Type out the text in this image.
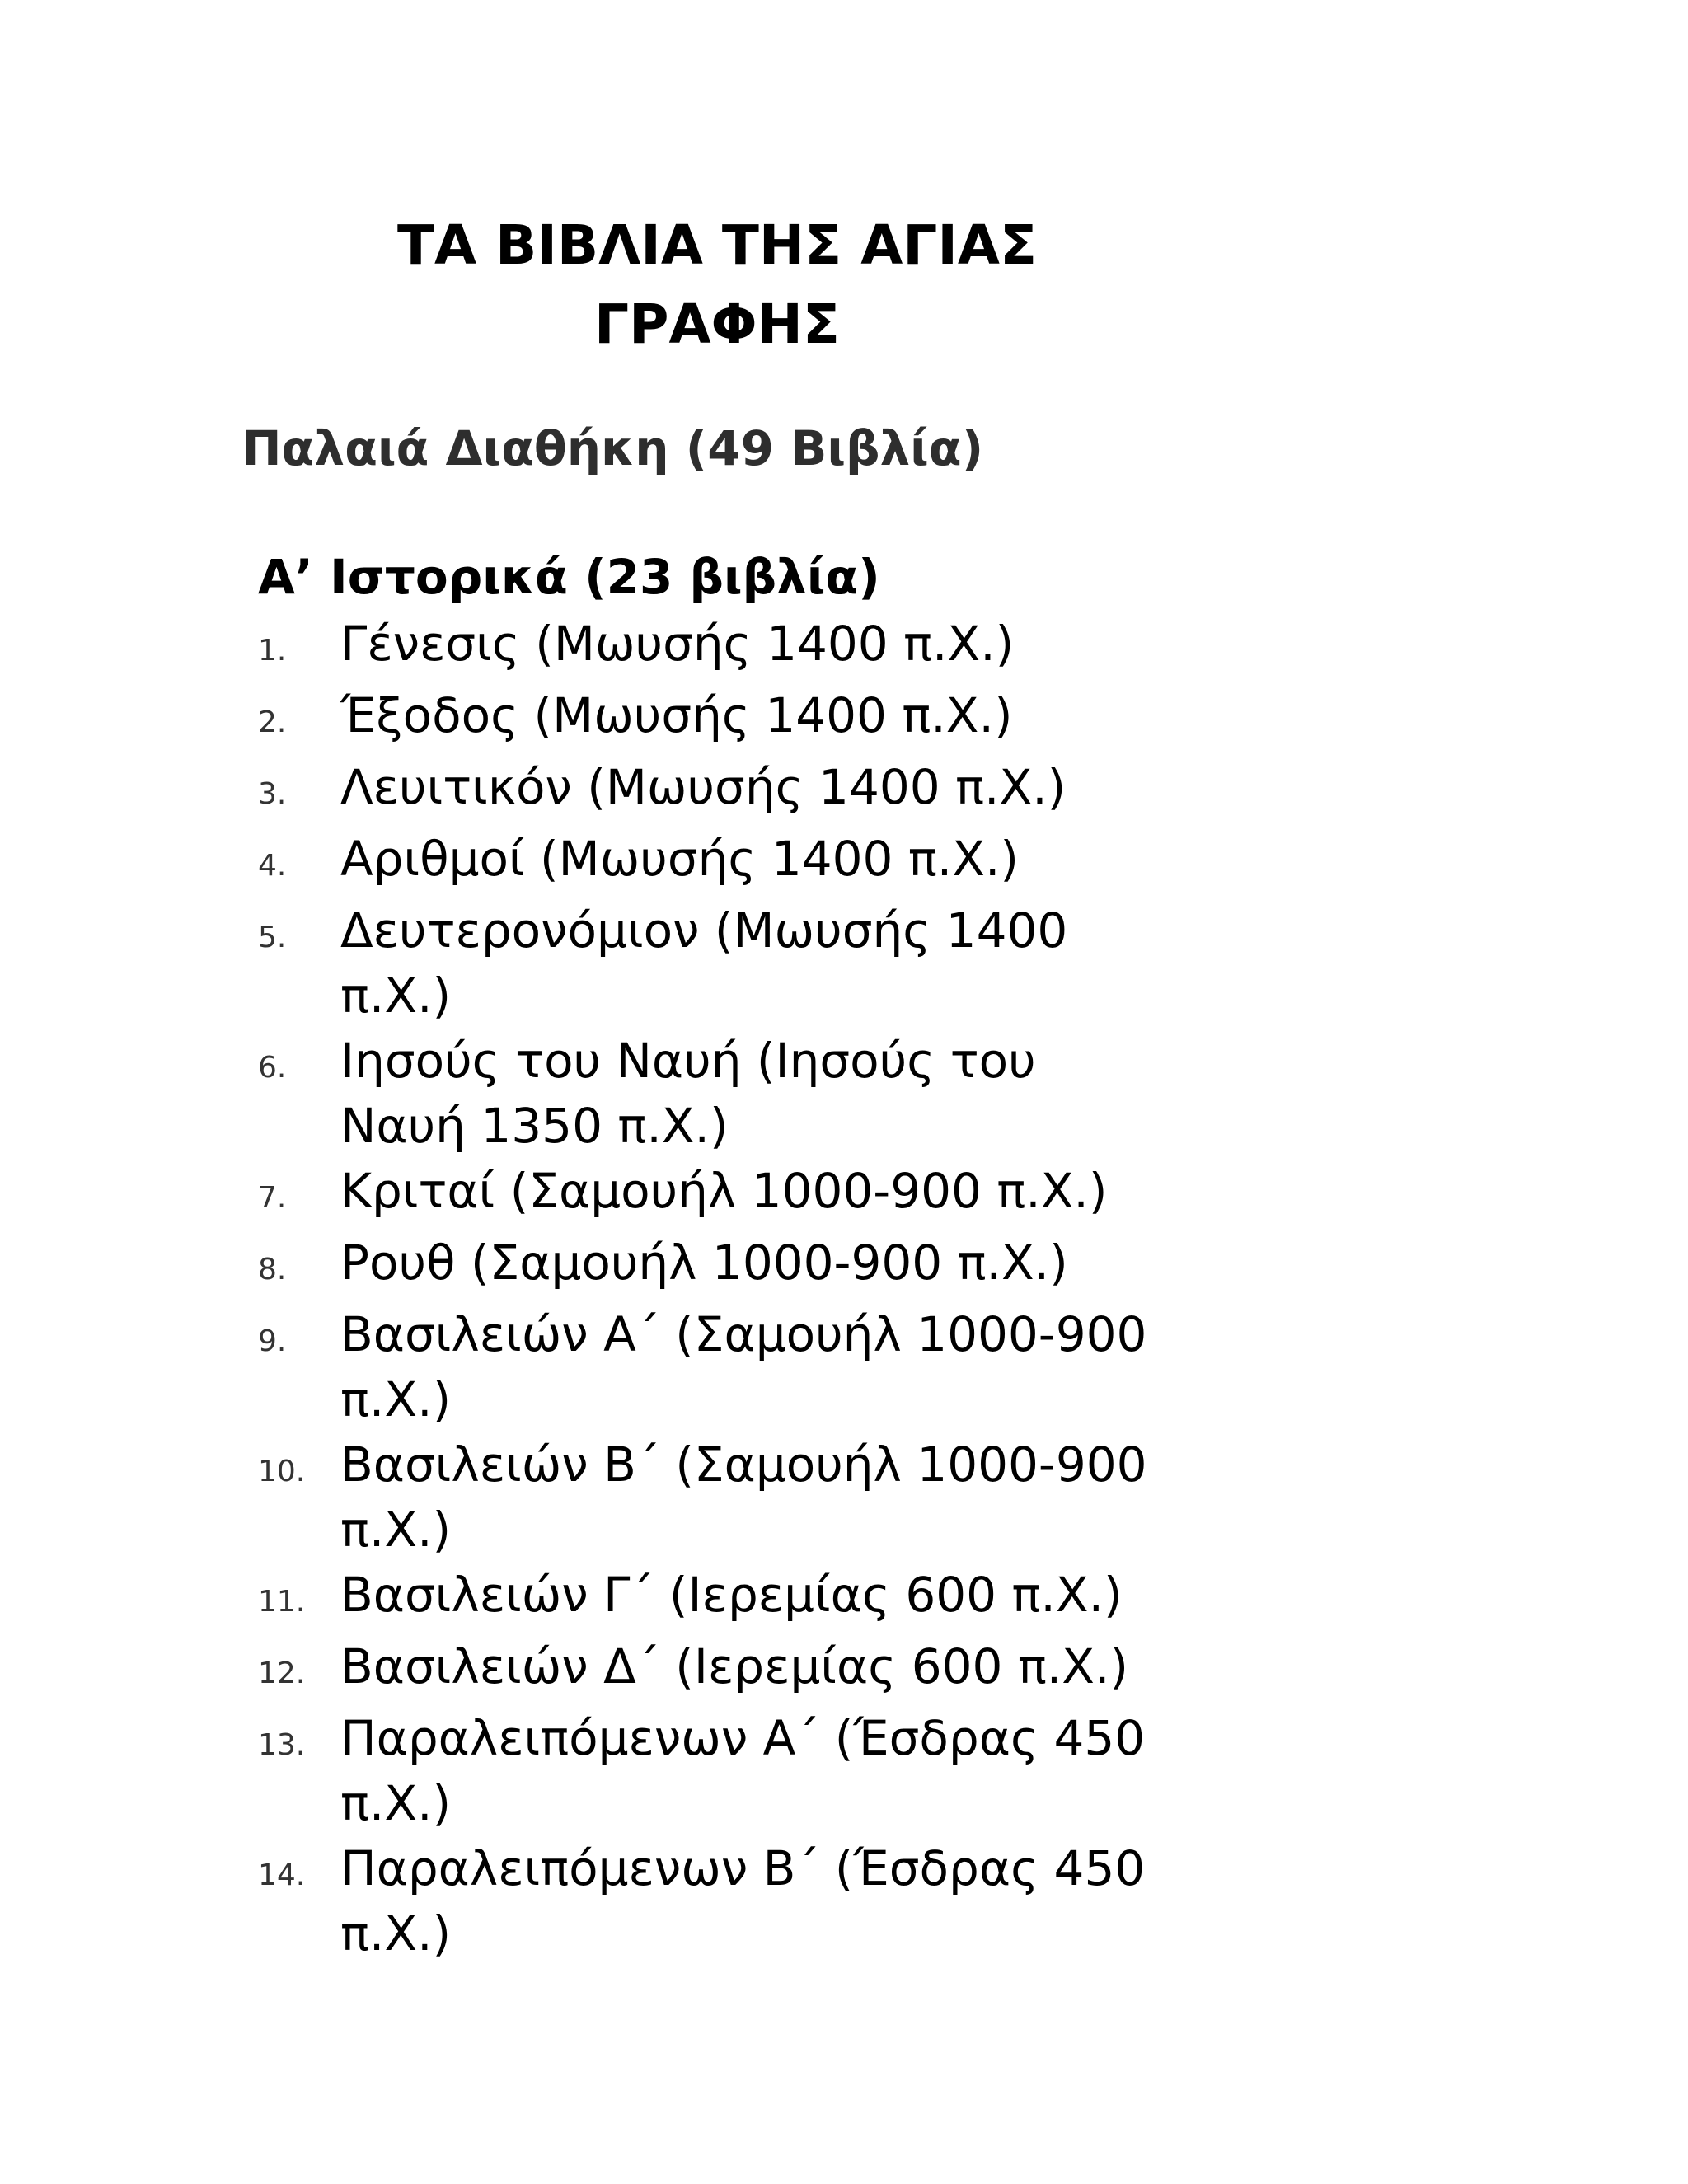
ΤΑ ΒΙΒΛΙΑ ΤΗΣ ΑΓΙΑΣ
ΓΡΑΦΗΣ
Παλαιά Διαθήκη (49 Βιβλία)
Α’ Ιστορικά (23 βιβλία)
1.	Γένεσις (Μωυσής 1400 π.Χ.)
2.	Έξοδος (Μωυσής 1400 π.Χ.)
3.	Λευιτικόν (Μωυσής 1400 π.Χ.)
4.	Αριθμοί (Μωυσής 1400 π.Χ.)
5.	Δευτερονόμιον (Μωυσής 1400 π.Χ.)
6.	Ιησούς του Ναυή (Ιησούς του Ναυή 1350 π.Χ.)
7.	Κριταί (Σαμουήλ 1000-900 π.Χ.)
8.	Ρουθ (Σαμουήλ 1000-900 π.Χ.)
9.	Βασιλειών Α΄ (Σαμουήλ 1000-900 π.Χ.)
10. Βασιλειών Β΄ (Σαμουήλ 1000-900 π.Χ.)
11. Βασιλειών Γ΄ (Ιερεμίας 600 π.Χ.)
12. Βασιλειών Δ΄ (Ιερεμίας 600 π.Χ.)
13. Παραλειπόμενων Α΄ (Έσδρας 450 π.Χ.)
14. Παραλειπόμενων Β΄ (Έσδρας 450 π.Χ.)
